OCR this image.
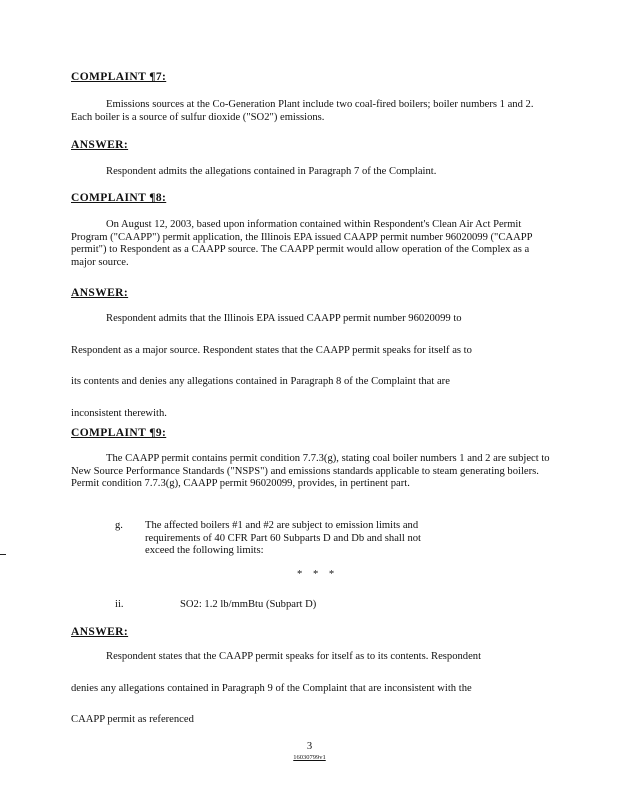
COMPLAINT ¶7:
Emissions sources at the Co-Generation Plant include two coal-fired boilers; boiler numbers 1 and 2. Each boiler is a source of sulfur dioxide ("SO2") emissions.
ANSWER:
Respondent admits the allegations contained in Paragraph 7 of the Complaint.
COMPLAINT ¶8:
On August 12, 2003, based upon information contained within Respondent's Clean Air Act Permit Program ("CAAPP") permit application, the Illinois EPA issued CAAPP permit number 96020099 ("CAAPP permit") to Respondent as a CAAPP source. The CAAPP permit would allow operation of the Complex as a major source.
ANSWER:
Respondent admits that the Illinois EPA issued CAAPP permit number 96020099 to
Respondent as a major source. Respondent states that the CAAPP permit speaks for itself as to
its contents and denies any allegations contained in Paragraph 8 of the Complaint that are
inconsistent therewith.
COMPLAINT ¶9:
The CAAPP permit contains permit condition 7.7.3(g), stating coal boiler numbers 1 and 2 are subject to New Source Performance Standards ("NSPS") and emissions standards applicable to steam generating boilers. Permit condition 7.7.3(g), CAAPP permit 96020099, provides, in pertinent part.
g. The affected boilers #1 and #2 are subject to emission limits and requirements of 40 CFR Part 60 Subparts D and Db and shall not exceed the following limits:
* * *
ii.	SO2: 1.2 lb/mmBtu (Subpart D)
ANSWER:
Respondent states that the CAAPP permit speaks for itself as to its contents. Respondent
denies any allegations contained in Paragraph 9 of the Complaint that are inconsistent with the
CAAPP permit as referenced
3
16030799v1
